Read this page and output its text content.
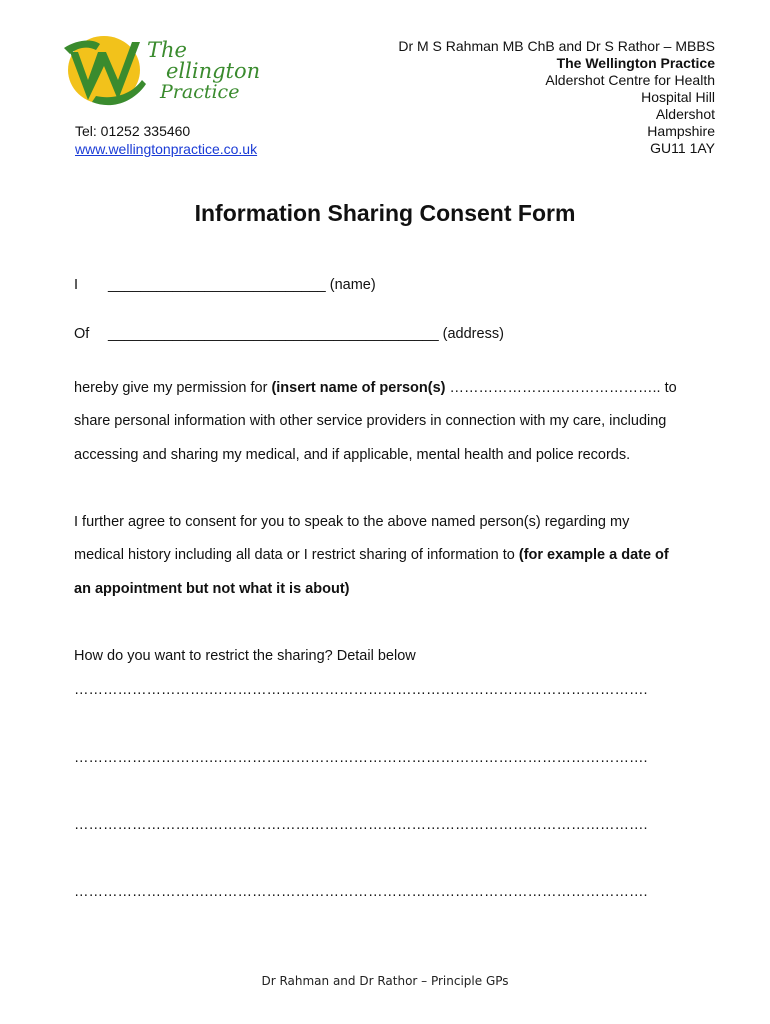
The
ellington
Practice
Tel: 01252 335460
www.wellingtonpractice.co.uk
Dr M S Rahman MB ChB and Dr S Rathor – MBBS
The Wellington Practice
Aldershot Centre for Health
Hospital Hill
Aldershot
Hampshire
GU11 1AY
Information Sharing Consent Form
I ___________________________ (name)
Of _________________________________________ (address)
hereby give my permission for (insert name of person(s) …………………………………….. to
share personal information with other service providers in connection with my care, including
accessing and sharing my medical, and if applicable, mental health and police records.
I further agree to consent for you to speak to the above named person(s) regarding my
medical history including all data or I restrict sharing of information to (for example a date of
an appointment but not what it is about)
How do you want to restrict the sharing? Detail below
……………………….……………………………………………………………………………….
……………………….……………………………………………………………………………….
……………………….……………………………………………………………………………….
……………………….……………………………………………………………………………….
Dr Rahman and Dr Rathor – Principle GPs
